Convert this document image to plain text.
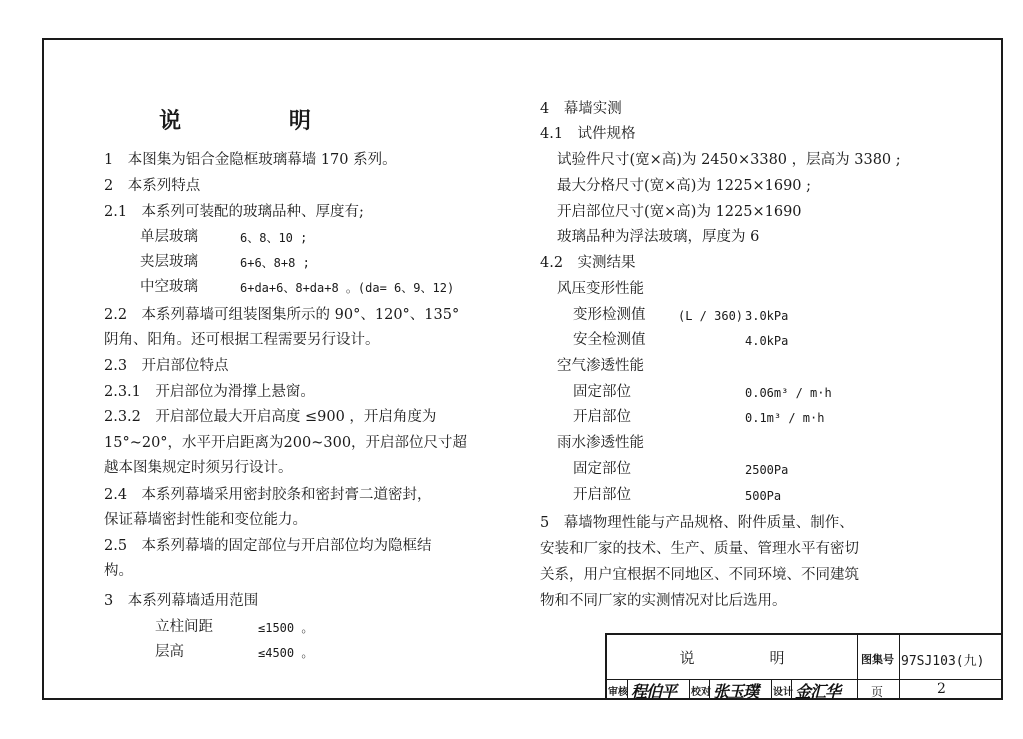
说 明
1　本图集为铝合金隐框玻璃幕墙 170 系列。
2　本系列特点
2.1　本系列可装配的玻璃品种、厚度有;
单层玻璃	6、8、10 ;
夹层玻璃	6+6、8+8 ;
中空玻璃	6+da+6、8+da+8 。(da= 6、9、12)
2.2　本系列幕墙可组装图集所示的 90°、120°、135°
阴角、阳角。还可根据工程需要另行设计。
2.3　开启部位特点
2.3.1　开启部位为滑撑上悬窗。
2.3.2　开启部位最大开启高度 ≤900 ，开启角度为
15°~20°，水平开启距离为200~300，开启部位尺寸超
越本图集规定时须另行设计。
2.4　本系列幕墙采用密封胶条和密封膏二道密封，
保证幕墙密封性能和变位能力。
2.5　本系列幕墙的固定部位与开启部位均为隐框结
构。
3　本系列幕墙适用范围
立柱间距	≤1500 。
层高	≤4500 。
4　幕墙实测
4.1　试件规格
试验件尺寸(宽×高)为 2450×3380 ，层高为 3380 ;
最大分格尺寸(宽×高)为 1225×1690 ;
开启部位尺寸(宽×高)为 1225×1690
玻璃品种为浮法玻璃，厚度为 6
4.2　实测结果
风压变形性能
变形检测值	(L / 360) 3.0kPa
安全检测值	4.0kPa
空气渗透性能
固定部位	0.06m³ / m·h
开启部位	0.1m³ / m·h
雨水渗透性能
固定部位	2500Pa
开启部位	500Pa
5　幕墙物理性能与产品规格、附件质量、制作、
安装和厂家的技术、生产、质量、管理水平有密切
关系，用户宜根据不同地区、不同环境、不同建筑
物和不同厂家的实测情况对比后选用。
说　　　　　明	图集号 97SJ103(九)
审核 程伯平 校对 张玉璞 设计 金汇华	页	2
